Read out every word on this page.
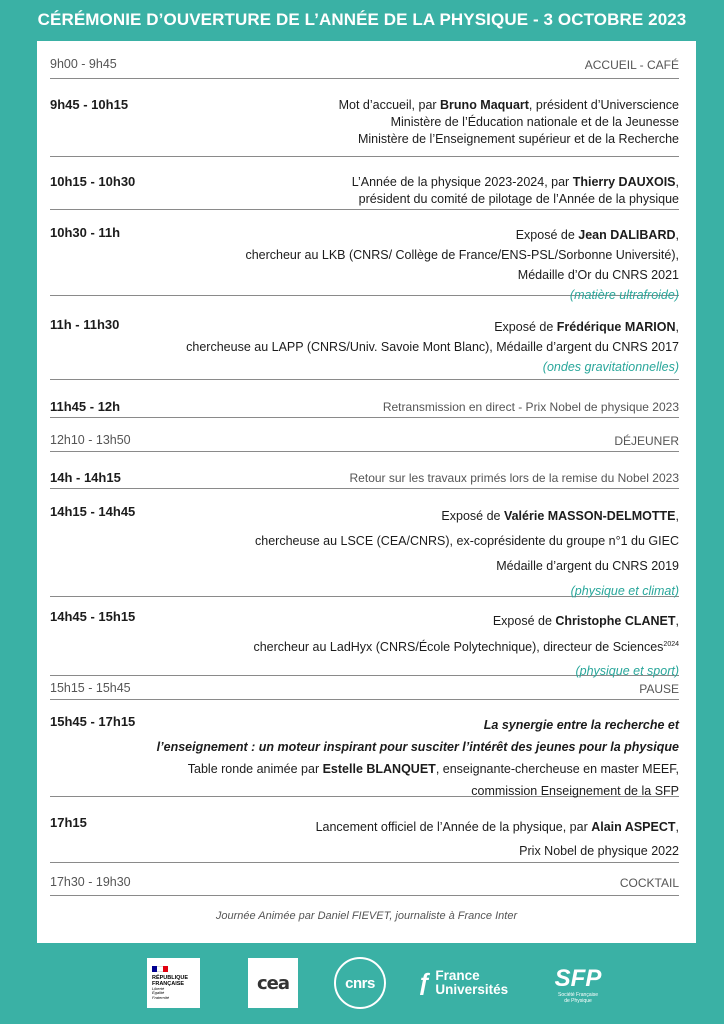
CÉRÉMONIE D’OUVERTURE DE L’ANNÉE DE LA PHYSIQUE - 3 OCTOBRE 2023
9h00 - 9h45	ACCUEIL - CAFÉ
9h45 - 10h15	Mot d’accueil, par Bruno Maquart, président d’Universcience
Ministère de l’Éducation nationale et de la Jeunesse
Ministère de l’Enseignement supérieur et de la Recherche
10h15 - 10h30	L’Année de la physique 2023-2024, par Thierry DAUXOIS,
président du comité de pilotage de l’Année de la physique
10h30 - 11h	Exposé de Jean DALIBARD,
chercheur au LKB (CNRS/ Collège de France/ENS-PSL/Sorbonne Université),
Médaille d’Or du CNRS 2021
(matière ultrafroide)
11h - 11h30	Exposé de Frédérique MARION,
chercheuse au LAPP (CNRS/Univ. Savoie Mont Blanc), Médaille d’argent du CNRS 2017
(ondes gravitationnelles)
11h45 - 12h	Retransmission en direct - Prix Nobel de physique 2023
12h10 - 13h50	DÉJEUNER
14h - 14h15	Retour sur les travaux primés lors de la remise du Nobel 2023
14h15 - 14h45	Exposé de Valérie MASSON-DELMOTTE,
chercheuse au LSCE (CEA/CNRS), ex-coprésidente du groupe n°1 du GIEC
Médaille d’argent du CNRS 2019
(physique et climat)
14h45 - 15h15	Exposé de Christophe CLANET,
chercheur au LadHyx (CNRS/École Polytechnique), directeur de Sciences$^{2024}$
(physique et sport)
15h15 - 15h45	PAUSE
15h45 - 17h15	La synergie entre la recherche et
l’enseignement : un moteur inspirant pour susciter l’intérêt des jeunes pour la physique
Table ronde animée par Estelle BLANQUET, enseignante-chercheuse en master MEEF,
commission Enseignement de la SFP
17h15	Lancement officiel de l’Année de la physique, par Alain ASPECT,
Prix Nobel de physique 2022
17h30 - 19h30	COCKTAIL
Journée Animée par Daniel FIEVET, journaliste à France Inter
RÉPUBLIQUE
FRANÇAISE
Liberté
Égalité
Fraternité
cea	cnrs	ƒ France
Universités SFP
Société Française
de Physique
